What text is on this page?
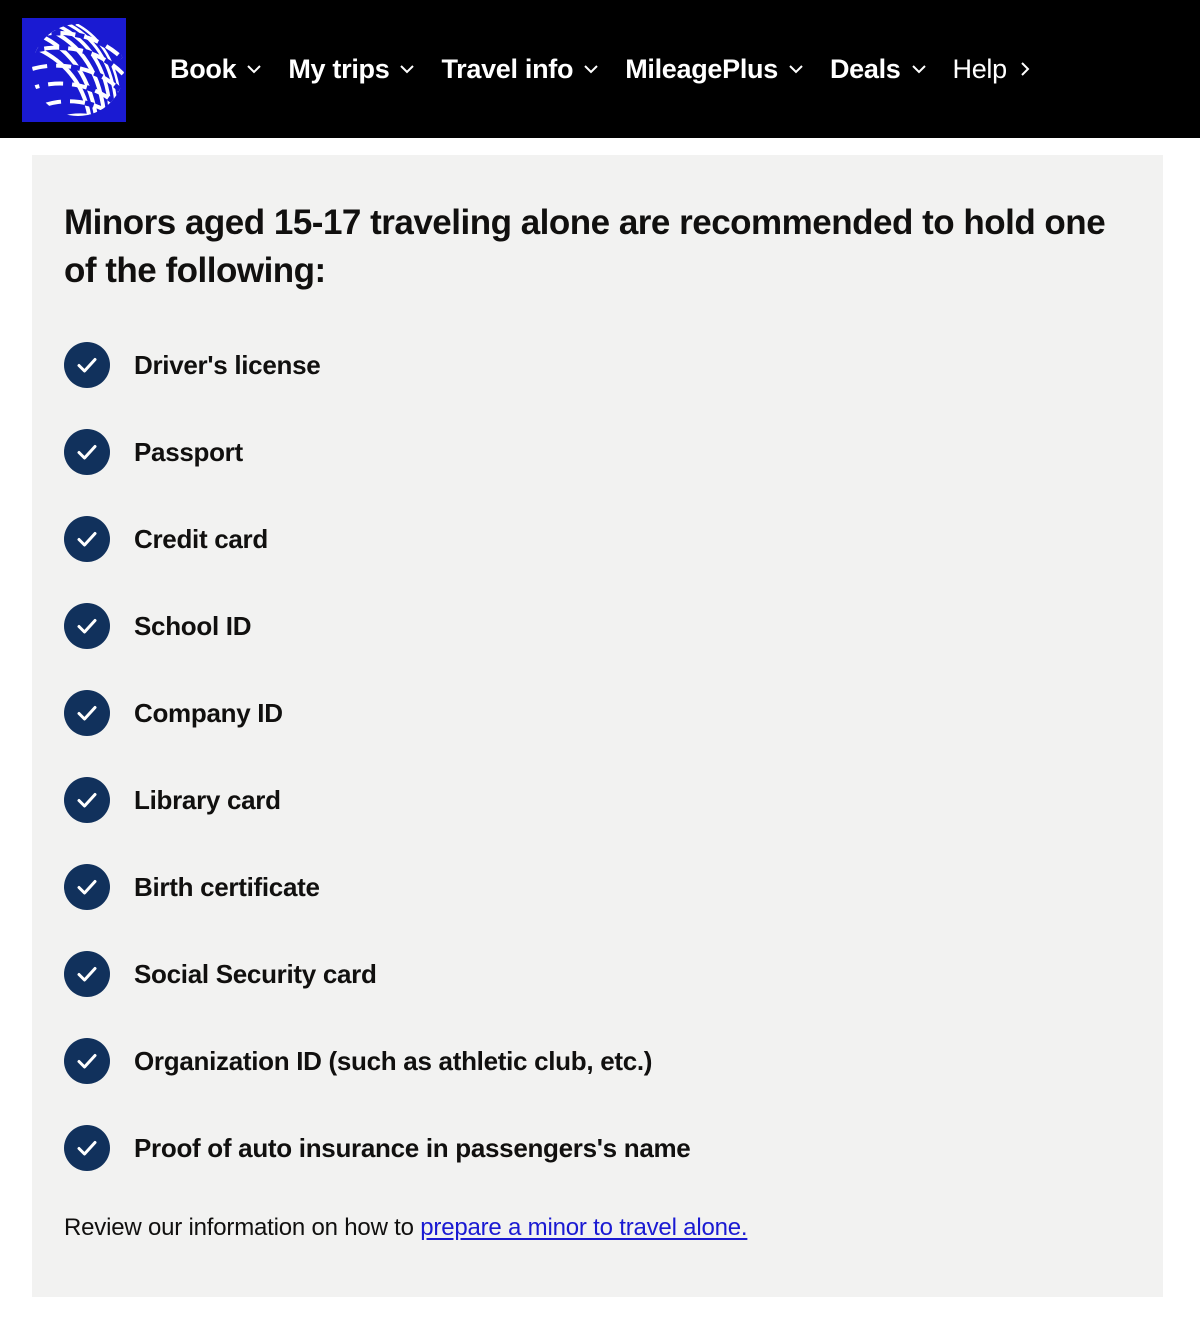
Book My trips Travel info MileagePlus Deals Help
Minors aged 15-17 traveling alone are recommended to hold one of the following:
Driver's license
Passport
Credit card
School ID
Company ID
Library card
Birth certificate
Social Security card
Organization ID (such as athletic club, etc.)
Proof of auto insurance in passengers's name

Review our information on how to prepare a minor to travel alone.
